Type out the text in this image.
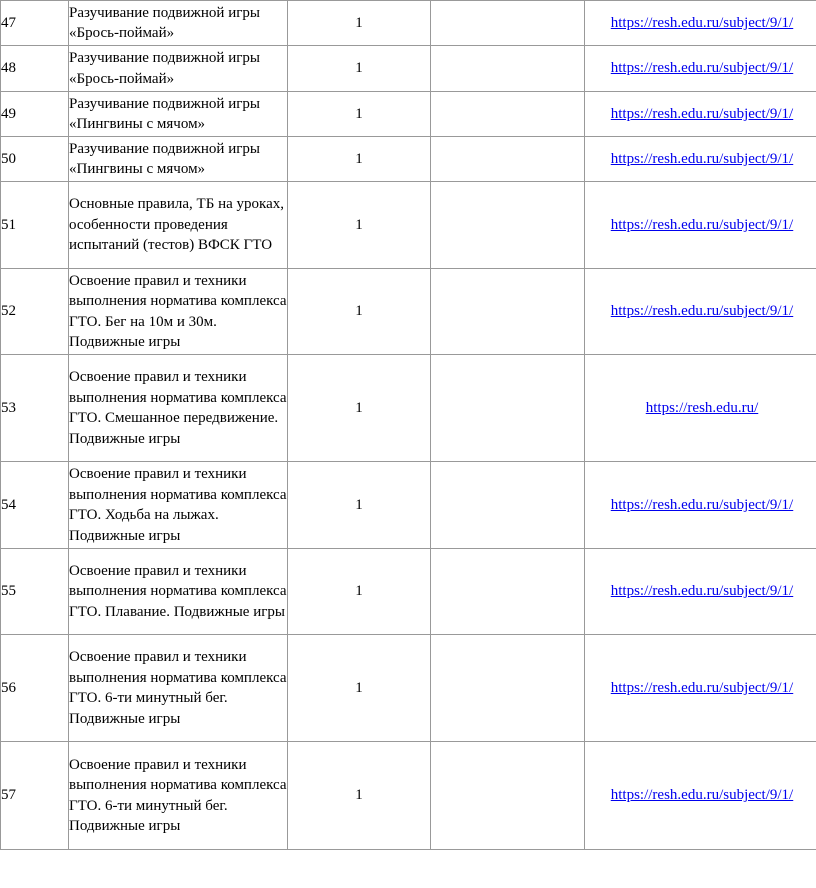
47	Разучивание подвижной игры «Брось-поймай»	1		https://resh.edu.ru/subject/9/1/
48	Разучивание подвижной игры «Брось-поймай»	1		https://resh.edu.ru/subject/9/1/
49	Разучивание подвижной игры «Пингвины с мячом»	1		https://resh.edu.ru/subject/9/1/
50	Разучивание подвижной игры «Пингвины с мячом»	1		https://resh.edu.ru/subject/9/1/
51	Основные правила, ТБ на уроках, особенности проведения испытаний (тестов) ВФСК ГТО	1		https://resh.edu.ru/subject/9/1/
52	Освоение правил и техники выполнения норматива комплекса ГТО. Бег на 10м и 30м. Подвижные игры	1		https://resh.edu.ru/subject/9/1/
53	Освоение правил и техники выполнения норматива комплекса ГТО. Смешанное передвижение. Подвижные игры	1		https://resh.edu.ru/
54	Освоение правил и техники выполнения норматива комплекса ГТО. Ходьба на лыжах. Подвижные игры	1		https://resh.edu.ru/subject/9/1/
55	Освоение правил и техники выполнения норматива комплекса ГТО. Плавание. Подвижные игры	1		https://resh.edu.ru/subject/9/1/
56	Освоение правил и техники выполнения норматива комплекса ГТО. 6-ти минутный бег. Подвижные игры	1		https://resh.edu.ru/subject/9/1/
57	Освоение правил и техники выполнения норматива комплекса ГТО. 6-ти минутный бег. Подвижные игры	1		https://resh.edu.ru/subject/9/1/
